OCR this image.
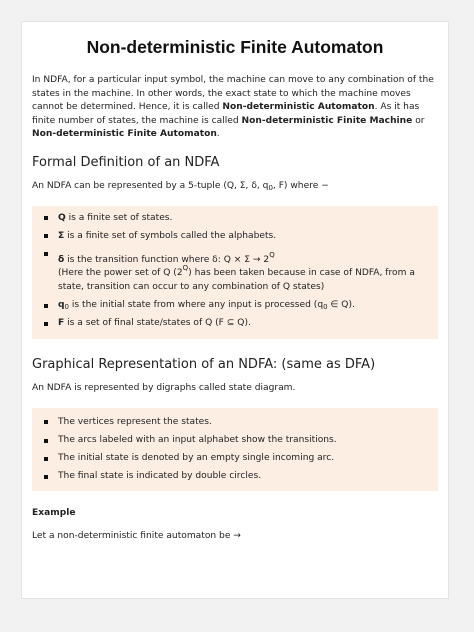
Non-deterministic Finite Automaton

In NDFA, for a particular input symbol, the machine can move to any combination of the states in the machine. In other words, the exact state to which the machine moves cannot be determined. Hence, it is called Non-deterministic Automaton. As it has finite number of states, the machine is called Non-deterministic Finite Machine or Non-deterministic Finite Automaton.

Formal Definition of an NDFA

An NDFA can be represented by a 5-tuple (Q, Σ, δ, $q_0$, F) where −

Q is a finite set of states.
Σ is a finite set of symbols called the alphabets.
δ is the transition function where δ: $Q \times \Sigma \to 2^Q$
(Here the power set of Q $(2^Q)$ has been taken because in case of NDFA, from a state, transition can occur to any combination of Q states)
$q_0$ is the initial state from where any input is processed ($q_0$ ∈ Q).
F is a set of final state/states of Q (F ⊆ Q).
Graphical Representation of an NDFA: (same as DFA)

An NDFA is represented by digraphs called state diagram.

The vertices represent the states.
The arcs labeled with an input alphabet show the transitions.
The initial state is denoted by an empty single incoming arc.
The final state is indicated by double circles.

Example

Let a non-deterministic finite automaton be →
